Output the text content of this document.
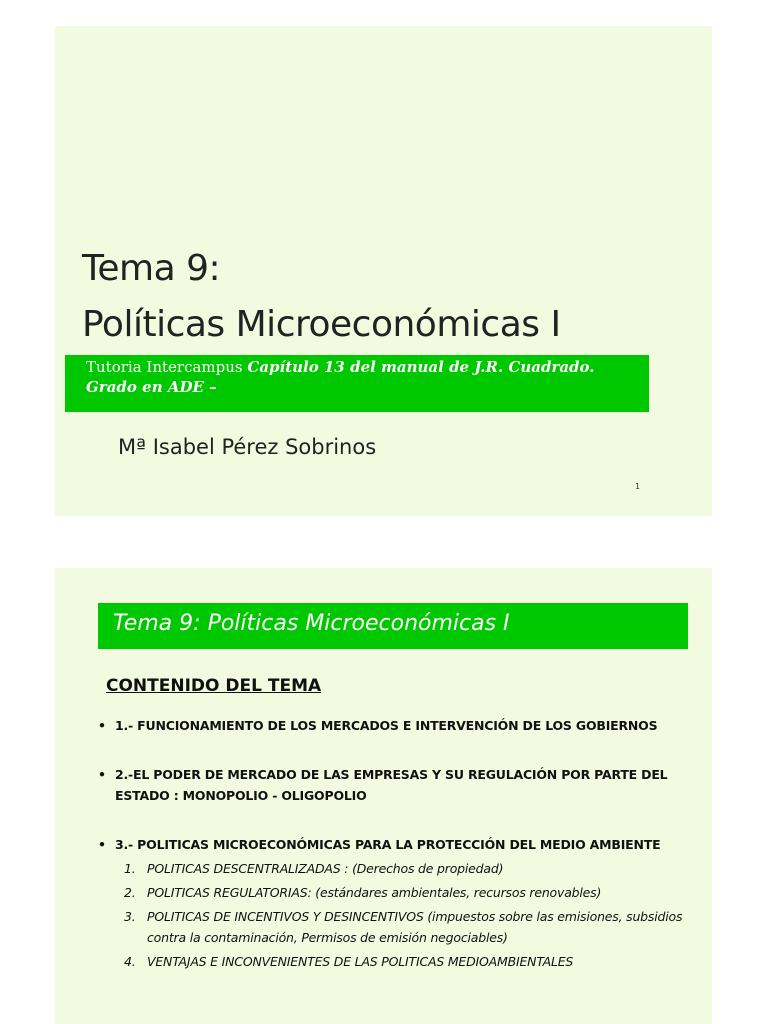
Tema 9:
Políticas Microeconómicas I
Tutoria Intercampus Capítulo 13 del manual de J.R. Cuadrado. Grado en ADE –
Mª Isabel Pérez Sobrinos
1
Tema 9: Políticas Microeconómicas I
CONTENIDO DEL TEMA
• 1.- FUNCIONAMIENTO DE LOS MERCADOS E INTERVENCIÓN DE LOS GOBIERNOS
• 2.-EL PODER DE MERCADO DE LAS EMPRESAS Y SU REGULACIÓN POR PARTE DEL ESTADO : MONOPOLIO - OLIGOPOLIO
• 3.- POLITICAS MICROECONÓMICAS PARA LA PROTECCIÓN DEL MEDIO AMBIENTE
1. POLITICAS DESCENTRALIZADAS : (Derechos de propiedad)
2. POLITICAS REGULATORIAS: (estándares ambientales, recursos renovables)
3. POLITICAS DE INCENTIVOS Y DESINCENTIVOS (impuestos sobre las emisiones, subsidios contra la contaminación, Permisos de emisión negociables)
4. VENTAJAS E INCONVENIENTES DE LAS POLITICAS MEDIOAMBIENTALES
